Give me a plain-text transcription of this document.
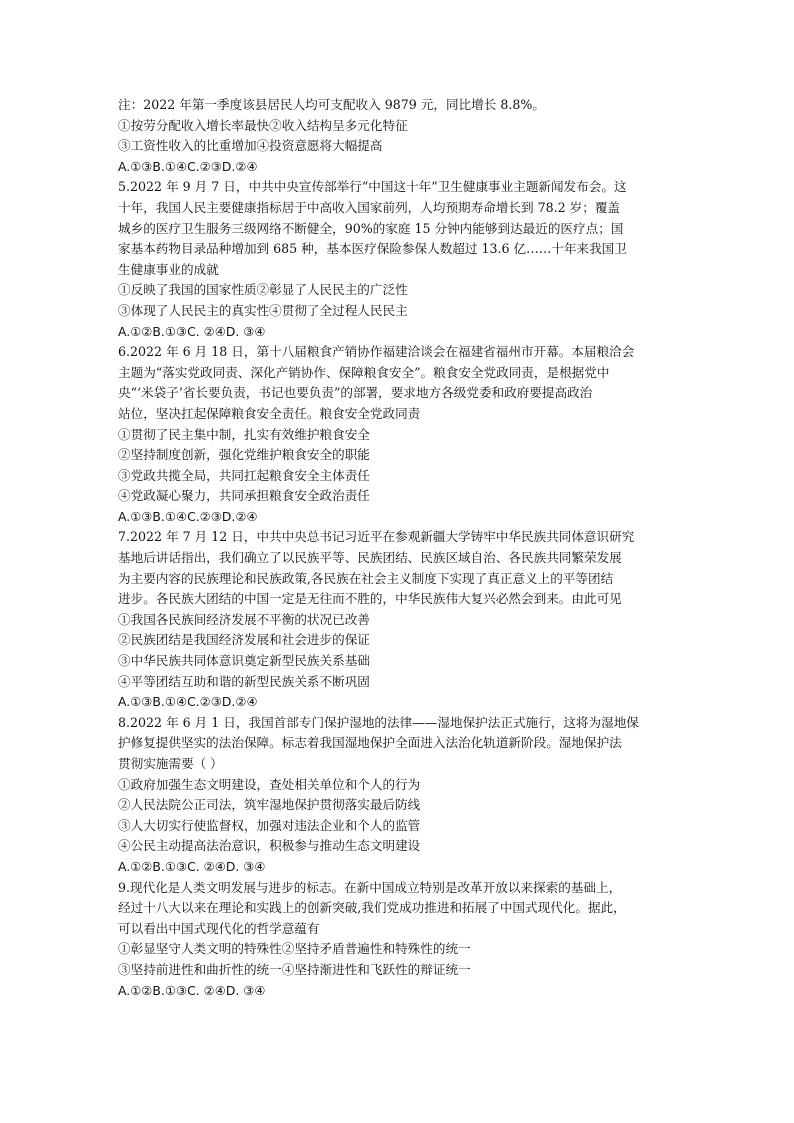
注：2022 年第一季度该县居民人均可支配收入 9879 元，同比增长 8.8%。
①按劳分配收入增长率最快②收入结构呈多元化特征
③工资性收入的比重增加④投资意愿将大幅提高
A.①③B.①④C.②③D.②④
5.2022 年 9 月 7 日，中共中央宣传部举行“中国这十年”卫生健康事业主题新闻发布会。这
十年，我国人民主要健康指标居于中高收入国家前列，人均预期寿命增长到 78.2 岁；覆盖
城乡的医疗卫生服务三级网络不断健全，90%的家庭 15 分钟内能够到达最近的医疗点；国
家基本药物目录品种增加到 685 种，基本医疗保险参保人数超过 13.6 亿……十年来我国卫
生健康事业的成就
①反映了我国的国家性质②彰显了人民民主的广泛性
③体现了人民民主的真实性④贯彻了全过程人民民主
A.①②B.①③C. ②④D. ③④
6.2022 年 6 月 18 日，第十八届粮食产销协作福建洽谈会在福建省福州市开幕。本届粮洽会
主题为“落实党政同责、深化产销协作、保障粮食安全”。粮食安全党政同责，是根据党中
央“‘米袋子’省长要负责，书记也要负责”的部署，要求地方各级党委和政府要提高政治
站位，坚决扛起保障粮食安全责任。粮食安全党政同责
①贯彻了民主集中制，扎实有效维护粮食安全
②坚持制度创新，强化党维护粮食安全的职能
③党政共揽全局，共同扛起粮食安全主体责任
④党政凝心聚力，共同承担粮食安全政治责任
A.①③B.①④C.②③D.②④
7.2022 年 7 月 12 日，中共中央总书记习近平在参观新疆大学铸牢中华民族共同体意识研究
基地后讲话指出，我们确立了以民族平等、民族团结、民族区域自治、各民族共同繁荣发展
为主要内容的民族理论和民族政策,各民族在社会主义制度下实现了真正意义上的平等团结
进步。各民族大团结的中国一定是无往而不胜的，中华民族伟大复兴必然会到来。由此可见
①我国各民族间经济发展不平衡的状况已改善
②民族团结是我国经济发展和社会进步的保证
③中华民族共同体意识奠定新型民族关系基础
④平等团结互助和谐的新型民族关系不断巩固
A.①③B.①④C.②③D.②④
8.2022 年 6 月 1 日，我国首部专门保护湿地的法律——湿地保护法正式施行，这将为湿地保
护修复提供坚实的法治保障。标志着我国湿地保护全面进入法治化轨道新阶段。湿地保护法
贯彻实施需要（ ）
①政府加强生态文明建设，查处相关单位和个人的行为
②人民法院公正司法，筑牢湿地保护贯彻落实最后防线
③人大切实行使监督权，加强对违法企业和个人的监管
④公民主动提高法治意识，积极参与推动生态文明建设
A.①②B.①③C. ②④D. ③④
9.现代化是人类文明发展与进步的标志。在新中国成立特别是改革开放以来探索的基础上，
经过十八大以来在理论和实践上的创新突破,我们党成功推进和拓展了中国式现代化。据此，
可以看出中国式现代化的哲学意蕴有
①彰显坚守人类文明的特殊性②坚持矛盾普遍性和特殊性的统一
③坚持前进性和曲折性的统一④坚持渐进性和飞跃性的辩证统一
A.①②B.①③C. ②④D. ③④
